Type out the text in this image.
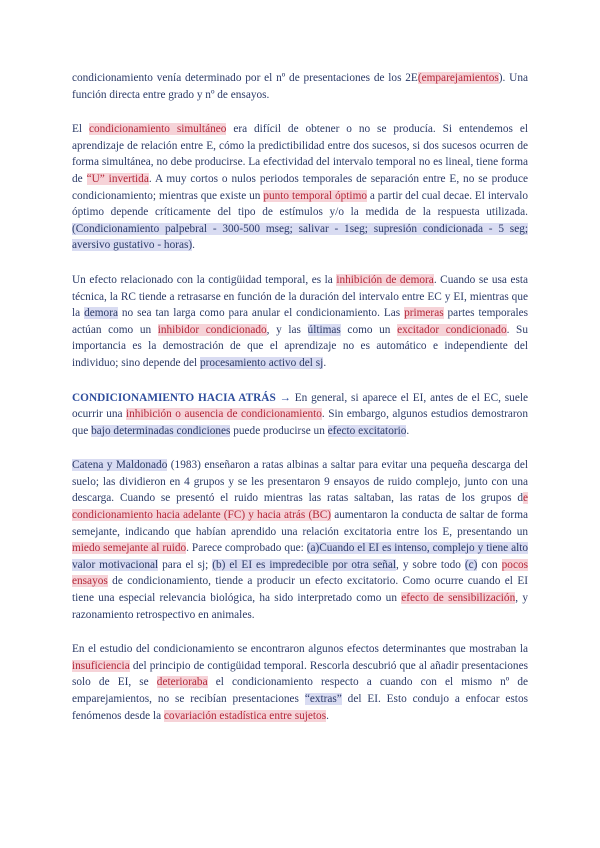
condicionamiento venía determinado por el nº de presentaciones de los 2E(emparejamientos). Una función directa entre grado y nº de ensayos.

El condicionamiento simultáneo era difícil de obtener o no se producía. Si entendemos el aprendizaje de relación entre E, cómo la predictibilidad entre dos sucesos, si dos sucesos ocurren de forma simultánea, no debe producirse. La efectividad del intervalo temporal no es lineal, tiene forma de “U” invertida. A muy cortos o nulos periodos temporales de separación entre E, no se produce condicionamiento; mientras que existe un punto temporal óptimo a partir del cual decae. El intervalo óptimo depende críticamente del tipo de estímulos y/o la medida de la respuesta utilizada. (Condicionamiento palpebral - 300-500 mseg; salivar - 1seg; supresión condicionada - 5 seg; aversivo gustativo - horas).

Un efecto relacionado con la contigüidad temporal, es la inhibición de demora. Cuando se usa esta técnica, la RC tiende a retrasarse en función de la duración del intervalo entre EC y EI, mientras que la demora no sea tan larga como para anular el condicionamiento. Las primeras partes temporales actúan como un inhibidor condicionado, y las últimas como un excitador condicionado. Su importancia es la demostración de que el aprendizaje no es automático e independiente del individuo; sino depende del procesamiento activo del sj.

CONDICIONAMIENTO HACIA ATRÁS → En general, si aparece el EI, antes de el EC, suele ocurrir una inhibición o ausencia de condicionamiento. Sin embargo, algunos estudios demostraron que bajo determinadas condiciones puede producirse un efecto excitatorio.

Catena y Maldonado (1983) enseñaron a ratas albinas a saltar para evitar una pequeña descarga del suelo; las dividieron en 4 grupos y se les presentaron 9 ensayos de ruido complejo, junto con una descarga. Cuando se presentó el ruido mientras las ratas saltaban, las ratas de los grupos de condicionamiento hacia adelante (FC) y hacia atrás (BC) aumentaron la conducta de saltar de forma semejante, indicando que habían aprendido una relación excitatoria entre los E, presentando un miedo semejante al ruido. Parece comprobado que: (a)Cuando el EI es intenso, complejo y tiene alto valor motivacional para el sj; (b) el EI es impredecible por otra señal, y sobre todo (c) con pocos ensayos de condicionamiento, tiende a producir un efecto excitatorio. Como ocurre cuando el EI tiene una especial relevancia biológica, ha sido interpretado como un efecto de sensibilización, y razonamiento retrospectivo en animales.

En el estudio del condicionamiento se encontraron algunos efectos determinantes que mostraban la insuficiencia del principio de contigüidad temporal. Rescorla descubrió que al añadir presentaciones solo de EI, se deterioraba el condicionamiento respecto a cuando con el mismo nº de emparejamientos, no se recibían presentaciones “extras” del EI. Esto condujo a enfocar estos fenómenos desde la covariación estadística entre sujetos.
